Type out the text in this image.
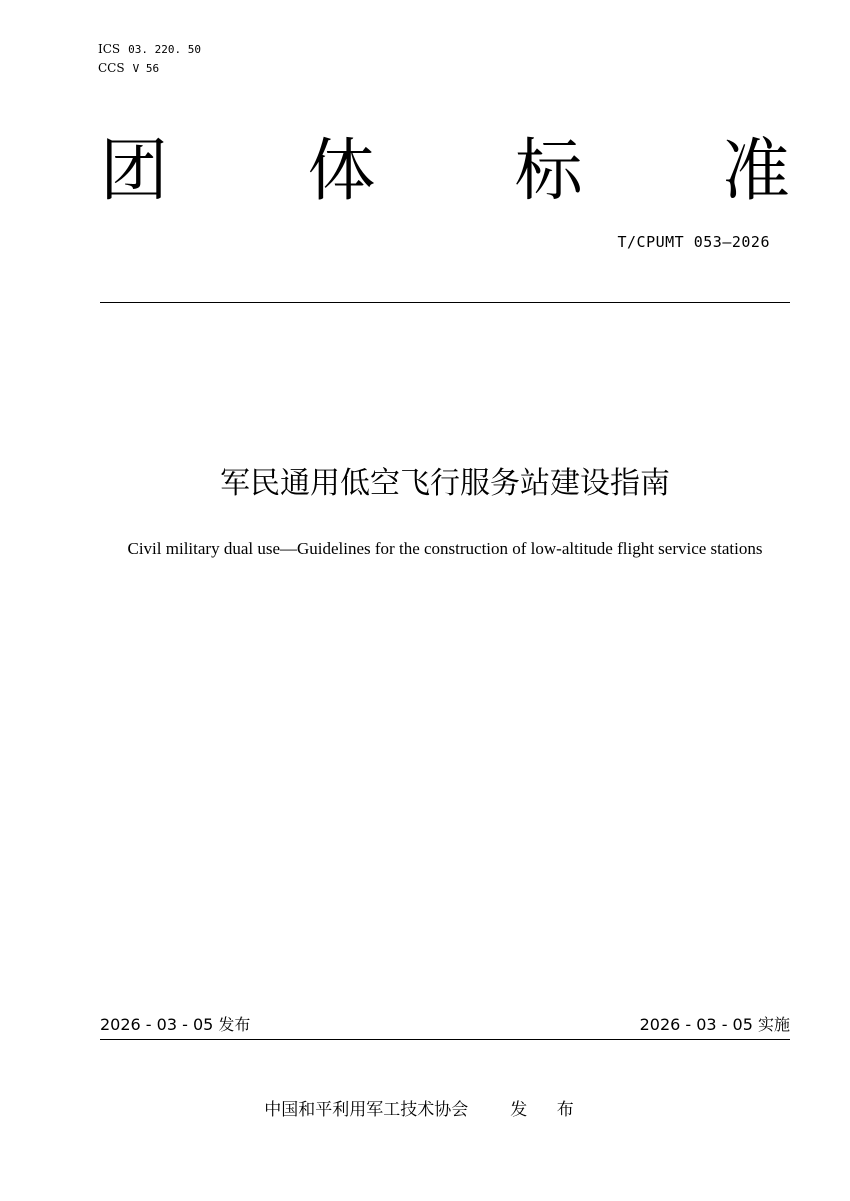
ICS 03. 220. 50
CCS V 56
团 体 标 准
T/CPUMT 053—2026
军民通用低空飞行服务站建设指南
Civil military dual use—Guidelines for the construction of low-altitude flight service stations
2026 - 03 - 05 发布	2026 - 03 - 05 实施
中国和平利用军工技术协会 发 布
